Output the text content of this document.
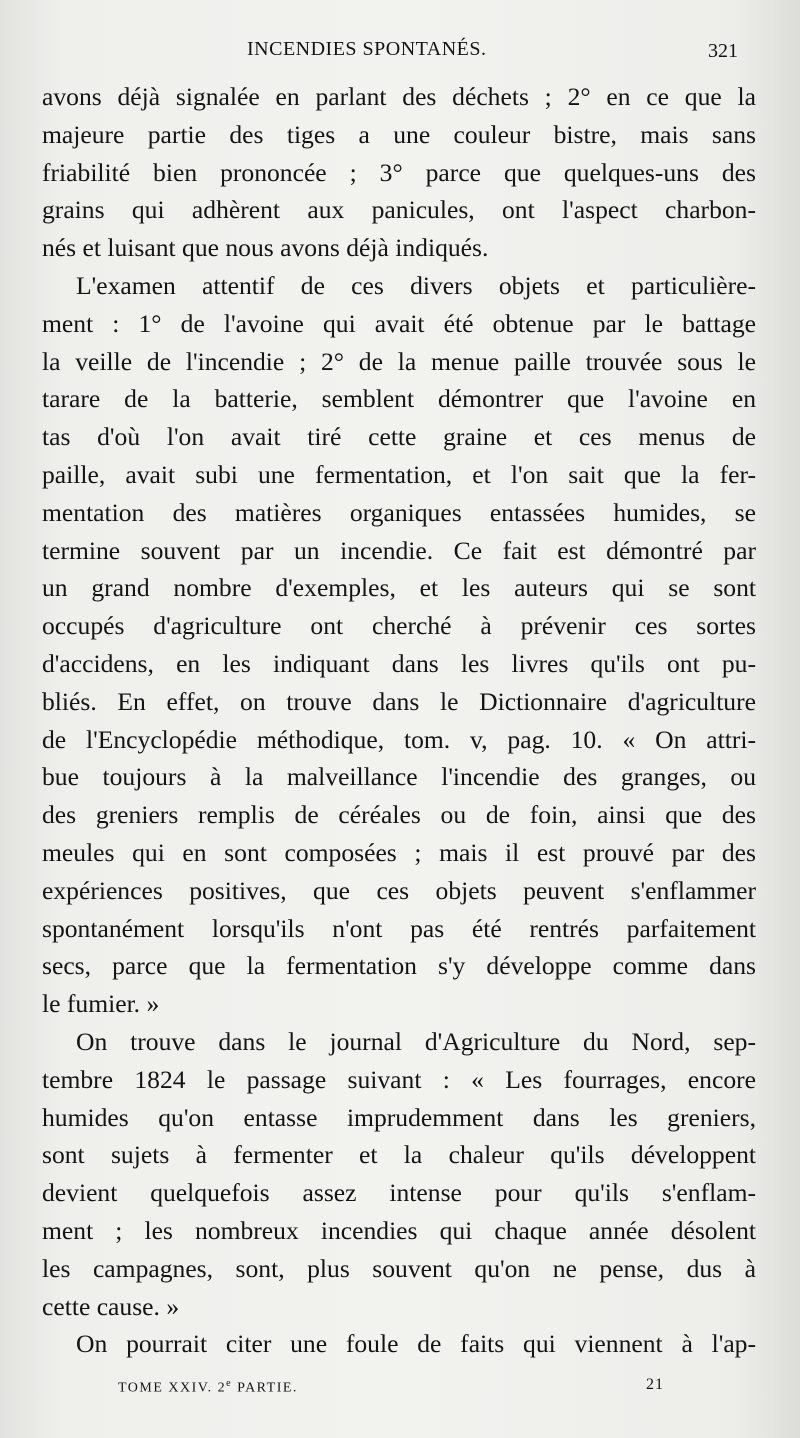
INCENDIES SPONTANÉS.	321
avons déjà signalée en parlant des déchets ; 2° en ce que la
majeure partie des tiges a une couleur bistre, mais sans
friabilité bien prononcée ; 3° parce que quelques-uns des
grains qui adhèrent aux panicules, ont l'aspect charbon-
nés et luisant que nous avons déjà indiqués.
L'examen attentif de ces divers objets et particulière-
ment : 1° de l'avoine qui avait été obtenue par le battage
la veille de l'incendie ; 2° de la menue paille trouvée sous le
tarare de la batterie, semblent démontrer que l'avoine en
tas d'où l'on avait tiré cette graine et ces menus de
paille, avait subi une fermentation, et l'on sait que la fer-
mentation des matières organiques entassées humides, se
termine souvent par un incendie. Ce fait est démontré par
un grand nombre d'exemples, et les auteurs qui se sont
occupés d'agriculture ont cherché à prévenir ces sortes
d'accidens, en les indiquant dans les livres qu'ils ont pu-
bliés. En effet, on trouve dans le Dictionnaire d'agriculture
de l'Encyclopédie méthodique, tom. v, pag. 10. « On attri-
bue toujours à la malveillance l'incendie des granges, ou
des greniers remplis de céréales ou de foin, ainsi que des
meules qui en sont composées ; mais il est prouvé par des
expériences positives, que ces objets peuvent s'enflammer
spontanément lorsqu'ils n'ont pas été rentrés parfaitement
secs, parce que la fermentation s'y développe comme dans
le fumier. »
On trouve dans le journal d'Agriculture du Nord, sep-
tembre 1824 le passage suivant : « Les fourrages, encore
humides qu'on entasse imprudemment dans les greniers,
sont sujets à fermenter et la chaleur qu'ils développent
devient quelquefois assez intense pour qu'ils s'enflam-
ment ; les nombreux incendies qui chaque année désolent
les campagnes, sont, plus souvent qu'on ne pense, dus à
cette cause. »
On pourrait citer une foule de faits qui viennent à l'ap-
TOME XXIV. 2e PARTIE.	21
